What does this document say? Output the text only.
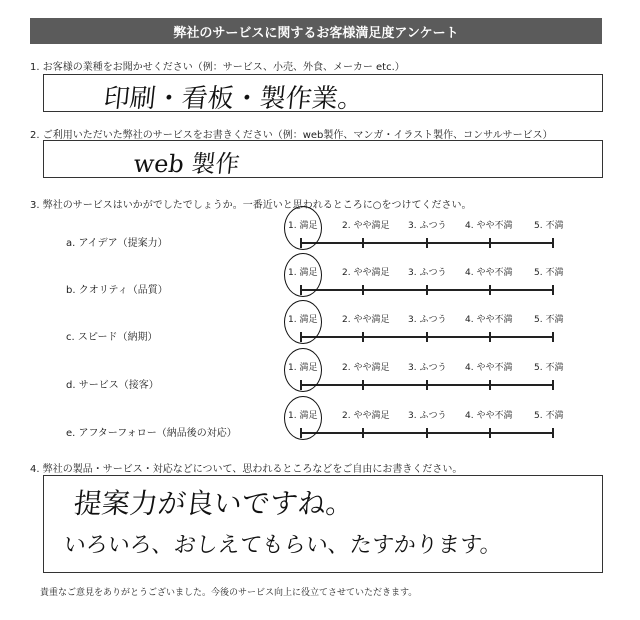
弊社のサービスに関するお客様満足度アンケート
1. お客様の業種をお聞かせください（例：サービス、小売、外食、メーカー etc.）
印刷・看板・製作業。
2. ご利用いただいた弊社のサービスをお書きください（例：web製作、マンガ・イラスト製作、コンサルサービス）
web 製作
3. 弊社のサービスはいかがでしたでしょうか。一番近いと思われるところに○をつけてください。
a. アイデア（提案力）
1. 満足	2. やや満足 3. ふつう 4. やや不満 5. 不満
b. クオリティ（品質）
1. 満足	2. やや満足 3. ふつう 4. やや不満 5. 不満
c. スピード（納期）
1. 満足	2. やや満足 3. ふつう 4. やや不満 5. 不満
d. サービス（接客）
1. 満足	2. やや満足 3. ふつう 4. やや不満 5. 不満
e. アフターフォロー（納品後の対応）
1. 満足	2. やや満足 3. ふつう 4. やや不満 5. 不満
4. 弊社の製品・サービス・対応などについて、思われるところなどをご自由にお書きください。
提案力が良いですね。
いろいろ、おしえてもらい、たすかります。
貴重なご意見をありがとうございました。今後のサービス向上に役立てさせていただきます。
